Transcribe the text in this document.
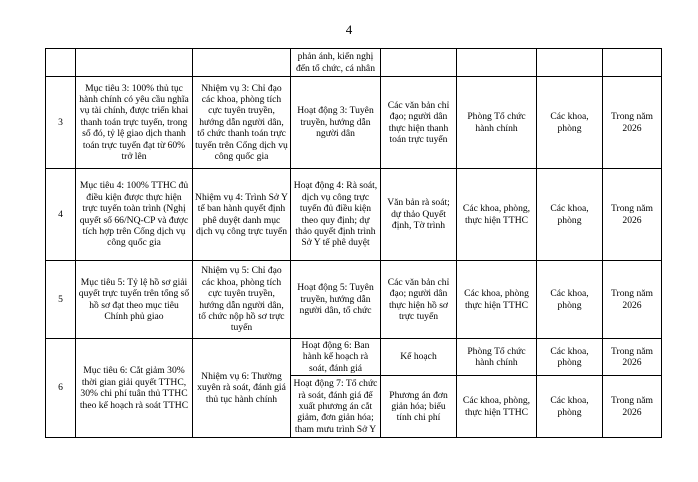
4
			phản ánh, kiến nghị đến tổ chức, cá nhân				
3	Mục tiêu 3: 100% thủ tục hành chính có yêu cầu nghĩa vụ tài chính, được triển khai thanh toán trực tuyến, trong số đó, tỷ lệ giao dịch thanh toán trực tuyến đạt từ 60% trở lên	Nhiệm vụ 3: Chỉ đạo các khoa, phòng tích cực tuyên truyền, hướng dẫn người dân, tổ chức thanh toán trực tuyến trên Cổng dịch vụ công quốc gia	Hoạt động 3: Tuyên truyền, hướng dẫn người dân	Các văn bản chỉ đạo; người dân thực hiện thanh toán trực tuyến	Phòng Tổ chức hành chính	Các khoa, phòng	Trong năm 2026
4	Mục tiêu 4: 100% TTHC đủ điều kiện được thực hiện trực tuyến toàn trình (Nghị quyết số 66/NQ-CP và được tích hợp trên Cổng dịch vụ công quốc gia	Nhiệm vụ 4: Trình Sở Y tế ban hành quyết định phê duyệt danh mục dịch vụ công trực tuyến	Hoạt động 4: Rà soát, dịch vụ công trực tuyến đủ điều kiện theo quy định; dự thảo quyết định trình Sở Y tế phê duyệt	Văn bản rà soát; dự thảo Quyết định, Tờ trình	Các khoa, phòng, thực hiện TTHC	Các khoa, phòng	Trong năm 2026
5	Mục tiêu 5: Tỷ lệ hồ sơ giải quyết trực tuyến trên tổng số hồ sơ đạt theo mục tiêu Chính phủ giao	Nhiệm vụ 5: Chỉ đạo các khoa, phòng tích cực tuyên truyền, hướng dẫn người dân, tổ chức nộp hồ sơ trực tuyến	Hoạt động 5: Tuyên truyền, hướng dẫn người dân, tổ chức	Các văn bản chỉ đạo; người dân thực hiện hồ sơ trực tuyến	Các khoa, phòng thực hiện TTHC	Các khoa, phòng	Trong năm 2026
6	Mục tiêu 6: Cắt giảm 30% thời gian giải quyết TTHC, 30% chi phí tuân thủ TTHC theo kế hoạch rà soát TTHC	Nhiệm vụ 6: Thường xuyên rà soát, đánh giá thủ tục hành chính	Hoạt động 6: Ban hành kế hoạch rà soát, đánh giá	Kế hoạch	Phòng Tổ chức hành chính	Các khoa, phòng	Trong năm 2026
			Hoạt động 7: Tổ chức rà soát, đánh giá để xuất phương án cắt giảm, đơn giản hóa; tham mưu trình Sở Y	Phương án đơn giản hóa; biểu tính chi phí	Các khoa, phòng, thực hiện TTHC	Các khoa, phòng	Trong năm 2026
